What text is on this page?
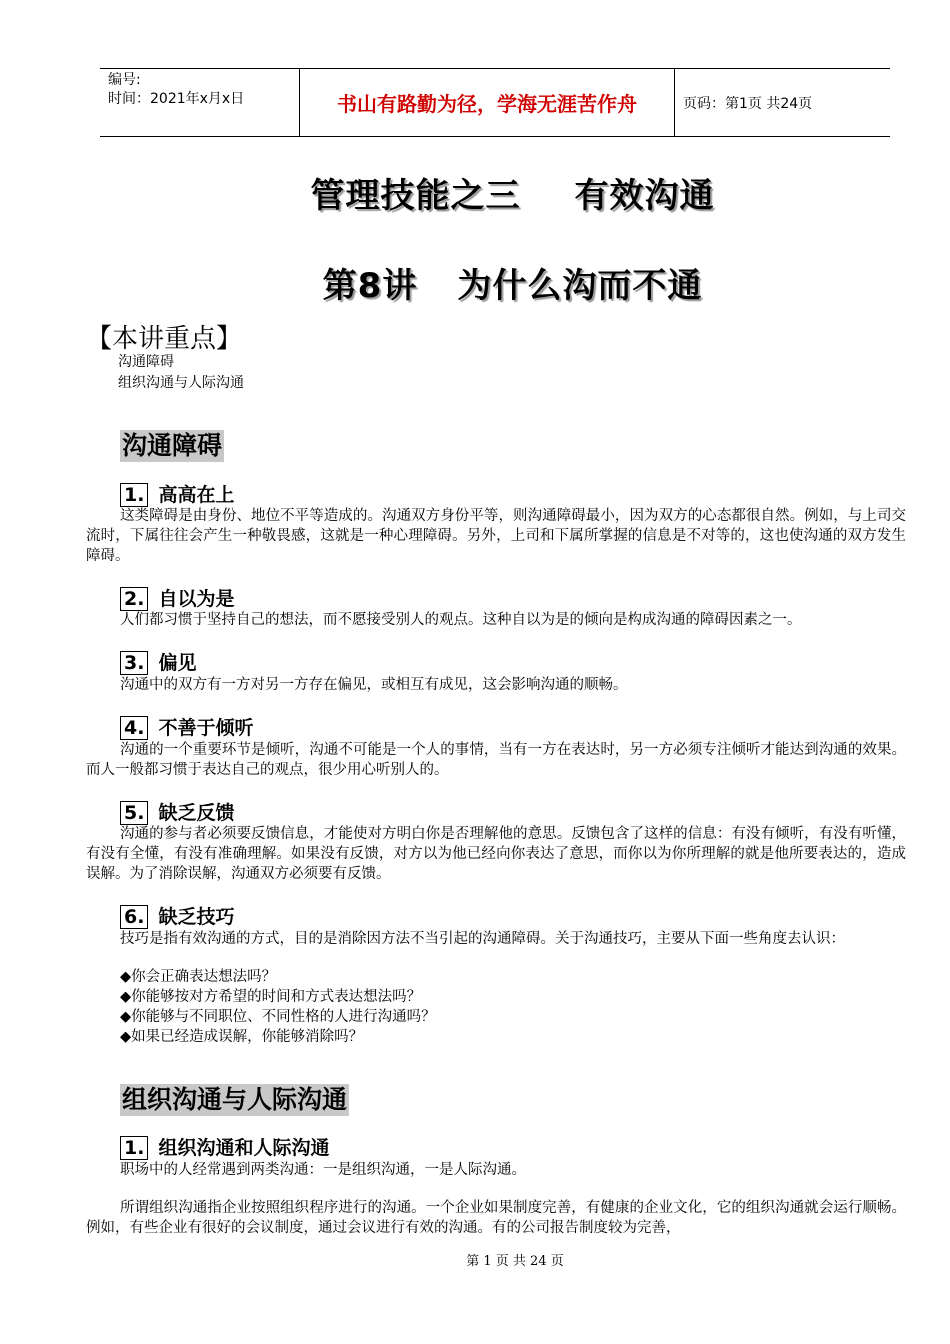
编号:
时间：2021年x月x日	书山有路勤为径，学海无涯苦作舟	页码：第1页 共24页
管理技能之三 有效沟通
第8讲 为什么沟而不通
【本讲重点】
沟通障碍
组织沟通与人际沟通
沟通障碍
1. 高高在上
这类障碍是由身份、地位不平等造成的。沟通双方身份平等，则沟通障碍最小，因为双方的心态都很自然。例如，与上司交流时，下属往往会产生一种敬畏感，这就是一种心理障碍。另外，上司和下属所掌握的信息是不对等的，这也使沟通的双方发生障碍。
2. 自以为是
人们都习惯于坚持自己的想法，而不愿接受别人的观点。这种自以为是的倾向是构成沟通的障碍因素之一。
3. 偏见
沟通中的双方有一方对另一方存在偏见，或相互有成见，这会影响沟通的顺畅。
4. 不善于倾听
沟通的一个重要环节是倾听，沟通不可能是一个人的事情，当有一方在表达时，另一方必须专注倾听才能达到沟通的效果。而人一般都习惯于表达自己的观点，很少用心听别人的。
5. 缺乏反馈
沟通的参与者必须要反馈信息，才能使对方明白你是否理解他的意思。反馈包含了这样的信息：有没有倾听，有没有听懂，有没有全懂，有没有准确理解。如果没有反馈，对方以为他已经向你表达了意思，而你以为你所理解的就是他所要表达的，造成误解。为了消除误解，沟通双方必须要有反馈。
6. 缺乏技巧
技巧是指有效沟通的方式，目的是消除因方法不当引起的沟通障碍。关于沟通技巧，主要从下面一些角度去认识：
◆你会正确表达想法吗？
◆你能够按对方希望的时间和方式表达想法吗？
◆你能够与不同职位、不同性格的人进行沟通吗？
◆如果已经造成误解，你能够消除吗？
组织沟通与人际沟通
1. 组织沟通和人际沟通
职场中的人经常遇到两类沟通：一是组织沟通，一是人际沟通。
所谓组织沟通指企业按照组织程序进行的沟通。一个企业如果制度完善，有健康的企业文化，它的组织沟通就会运行顺畅。例如，有些企业有很好的会议制度，通过会议进行有效的沟通。有的公司报告制度较为完善，
第 1 页 共 24 页
